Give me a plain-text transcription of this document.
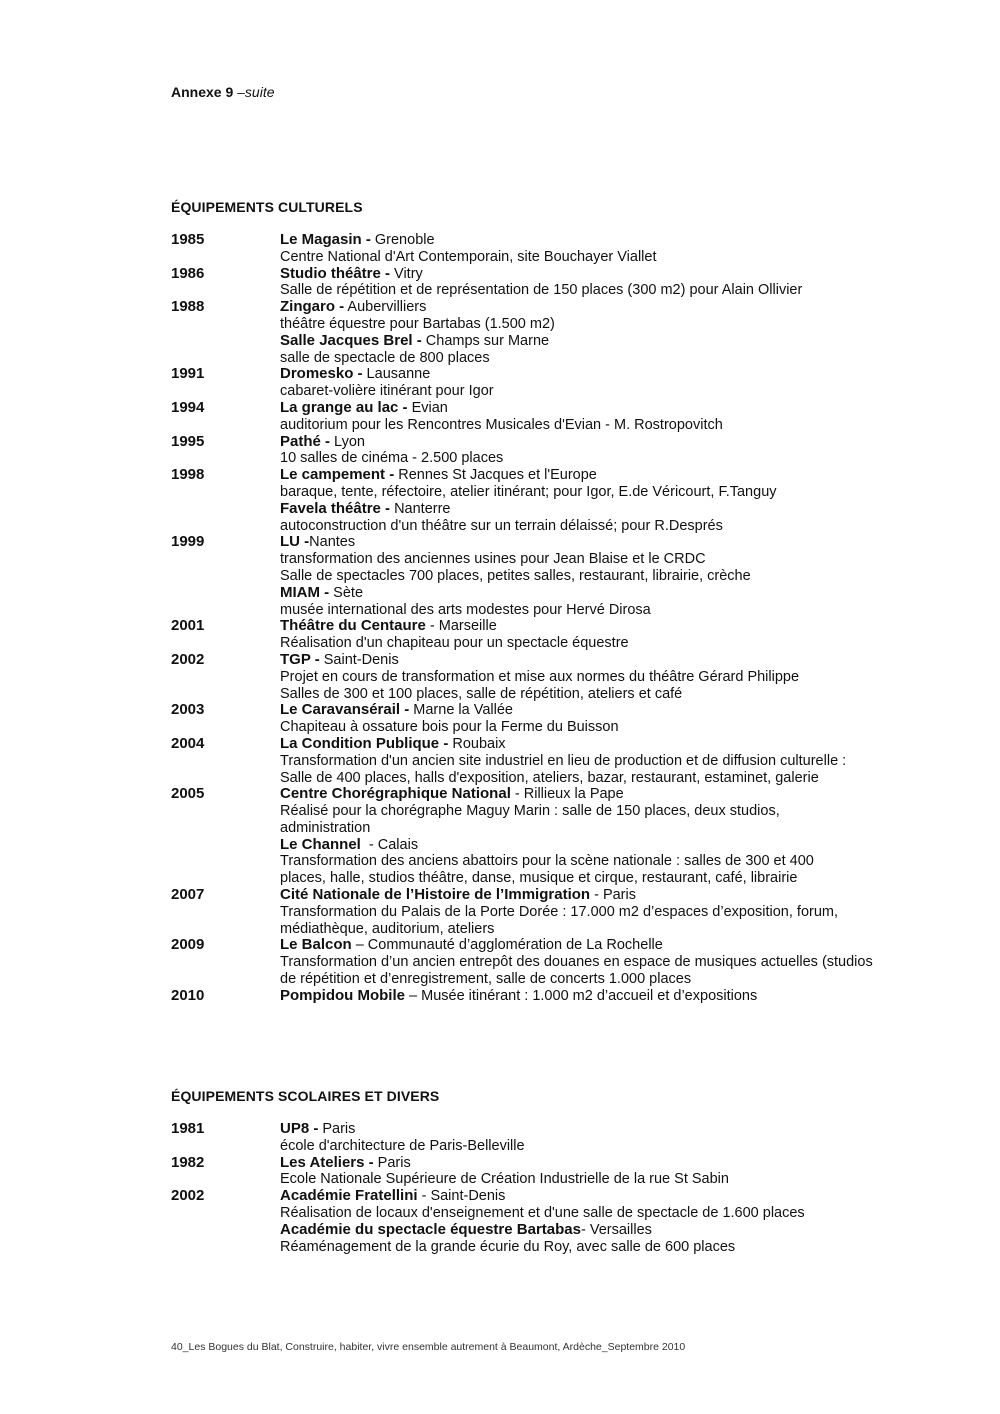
Annexe 9 –suite
ÉQUIPEMENTS CULTURELS
1985	Le Magasin - Grenoble
Centre National d'Art Contemporain, site Bouchayer Viallet
1986	Studio théâtre - Vitry
Salle de répétition et de représentation de 150 places (300 m2) pour Alain Ollivier
1988	Zingaro - Aubervilliers
théâtre équestre pour Bartabas (1.500 m2)
Salle Jacques Brel - Champs sur Marne
salle de spectacle de 800 places
1991	Dromesko - Lausanne
cabaret-volière itinérant pour Igor
1994	La grange au lac - Evian
auditorium pour les Rencontres Musicales d'Evian - M. Rostropovitch
1995	Pathé - Lyon
10 salles de cinéma - 2.500 places
1998	Le campement - Rennes St Jacques et l'Europe
baraque, tente, réfectoire, atelier itinérant; pour Igor, E.de Véricourt, F.Tanguy
Favela théâtre - Nanterre
autoconstruction d'un théâtre sur un terrain délaissé; pour R.Després
1999	LU -Nantes
transformation des anciennes usines pour Jean Blaise et le CRDC
Salle de spectacles 700 places, petites salles, restaurant, librairie, crèche
MIAM - Sète
musée international des arts modestes pour Hervé Dirosa
2001	Théâtre du Centaure - Marseille
Réalisation d'un chapiteau pour un spectacle équestre
2002	TGP - Saint-Denis
Projet en cours de transformation et mise aux normes du théâtre Gérard Philippe
Salles de 300 et 100 places, salle de répétition, ateliers et café
2003	Le Caravansérail - Marne la Vallée
Chapiteau à ossature bois pour la Ferme du Buisson
2004	La Condition Publique - Roubaix
Transformation d'un ancien site industriel en lieu de production et de diffusion culturelle :
Salle de 400 places, halls d'exposition, ateliers, bazar, restaurant, estaminet, galerie
2005	Centre Chorégraphique National - Rillieux la Pape
Réalisé pour la chorégraphe Maguy Marin : salle de 150 places, deux studios,
administration
Le Channel  - Calais
Transformation des anciens abattoirs pour la scène nationale : salles de 300 et 400
places, halle, studios théâtre, danse, musique et cirque, restaurant, café, librairie
2007	Cité Nationale de l’Histoire de l’Immigration - Paris
Transformation du Palais de la Porte Dorée : 17.000 m2 d’espaces d’exposition, forum,
médiathèque, auditorium, ateliers
2009	Le Balcon – Communauté d’agglomération de La Rochelle
Transformation d’un ancien entrepôt des douanes en espace de musiques actuelles (studios
de répétition et d’enregistrement, salle de concerts 1.000 places
2010	Pompidou Mobile – Musée itinérant : 1.000 m2 d’accueil et d’expositions
ÉQUIPEMENTS SCOLAIRES ET DIVERS
1981	UP8 - Paris
école d'architecture de Paris-Belleville
1982	Les Ateliers - Paris
Ecole Nationale Supérieure de Création Industrielle de la rue St Sabin
2002	Académie Fratellini - Saint-Denis
Réalisation de locaux d'enseignement et d'une salle de spectacle de 1.600 places
Académie du spectacle équestre Bartabas- Versailles
Réaménagement de la grande écurie du Roy, avec salle de 600 places
40_Les Bogues du Blat, Construire, habiter, vivre ensemble autrement à Beaumont, Ardèche_Septembre 2010
